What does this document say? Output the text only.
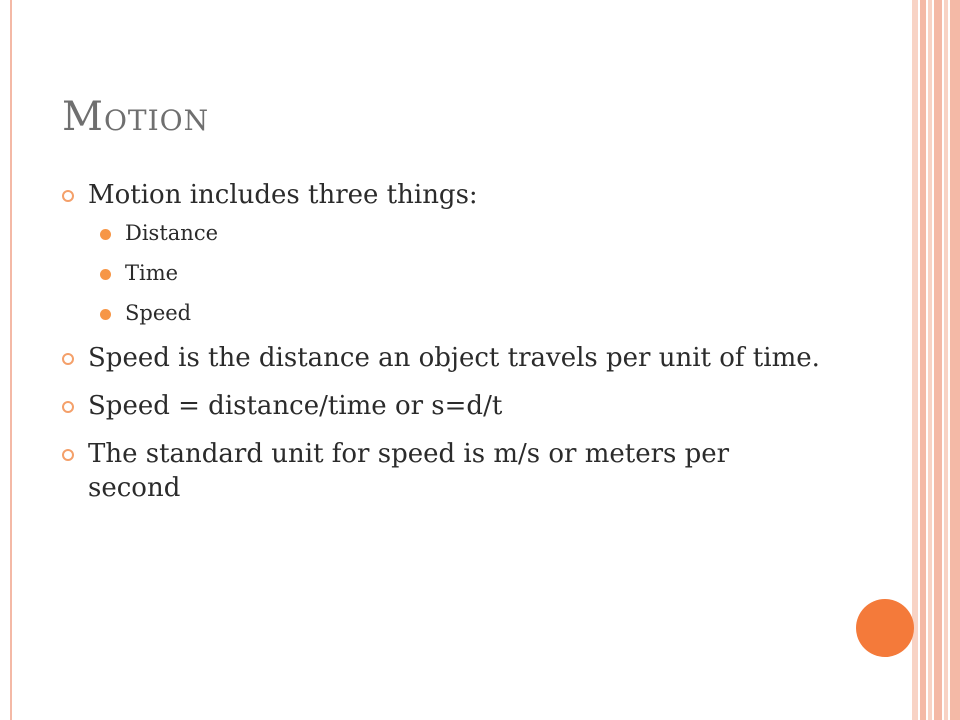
Motion
Motion includes three things:
Distance
Time
Speed
Speed is the distance an object travels per unit of time.
Speed = distance/time or s=d/t
The standard unit for speed is m/s or meters per second
